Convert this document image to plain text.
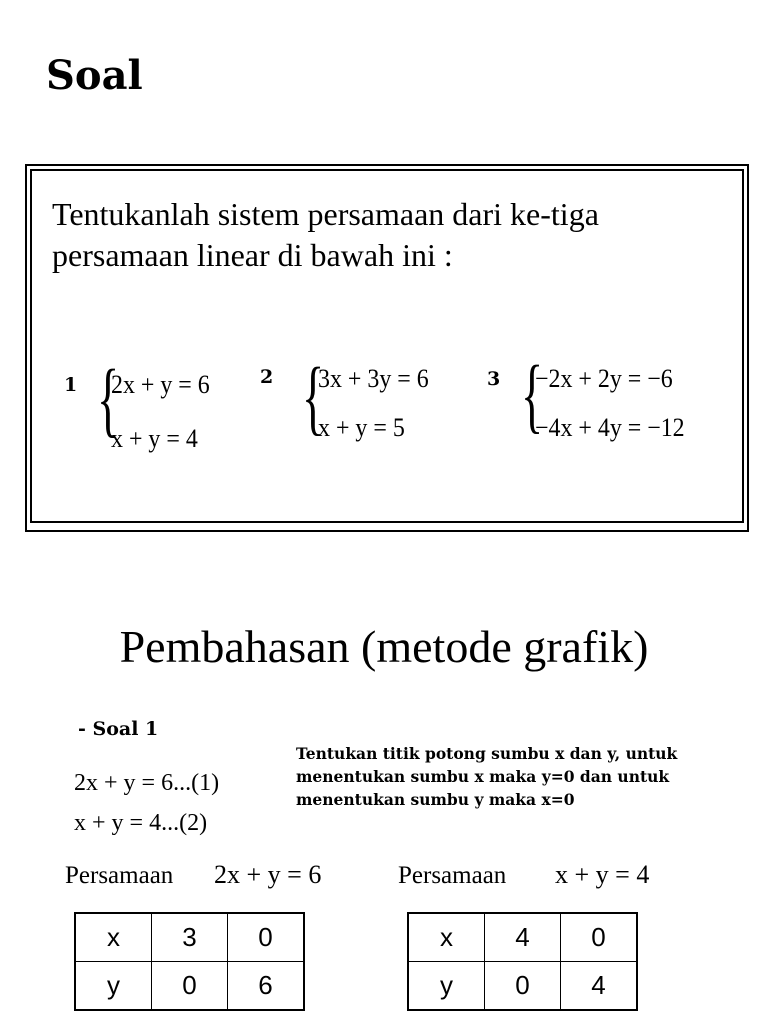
Soal
Tentukanlah sistem persamaan dari ke-tiga persamaan linear di bawah ini :
1 {
2x + y = 6
x + y = 4
2 {
3x + 3y = 6
x + y = 5
3 {
−2x + 2y = −6
−4x + 4y = −12
Pembahasan (metode grafik)
- Soal 1
2x + y = 6...(1)
x + y = 4...(2)
Tentukan titik potong sumbu x dan y, untuk menentukan sumbu x maka y=0 dan untuk menentukan sumbu y maka x=0
Persamaan 2x + y = 6
x	3	0
y	0	6
Persamaan x + y = 4
x	4	0
y	0	4
